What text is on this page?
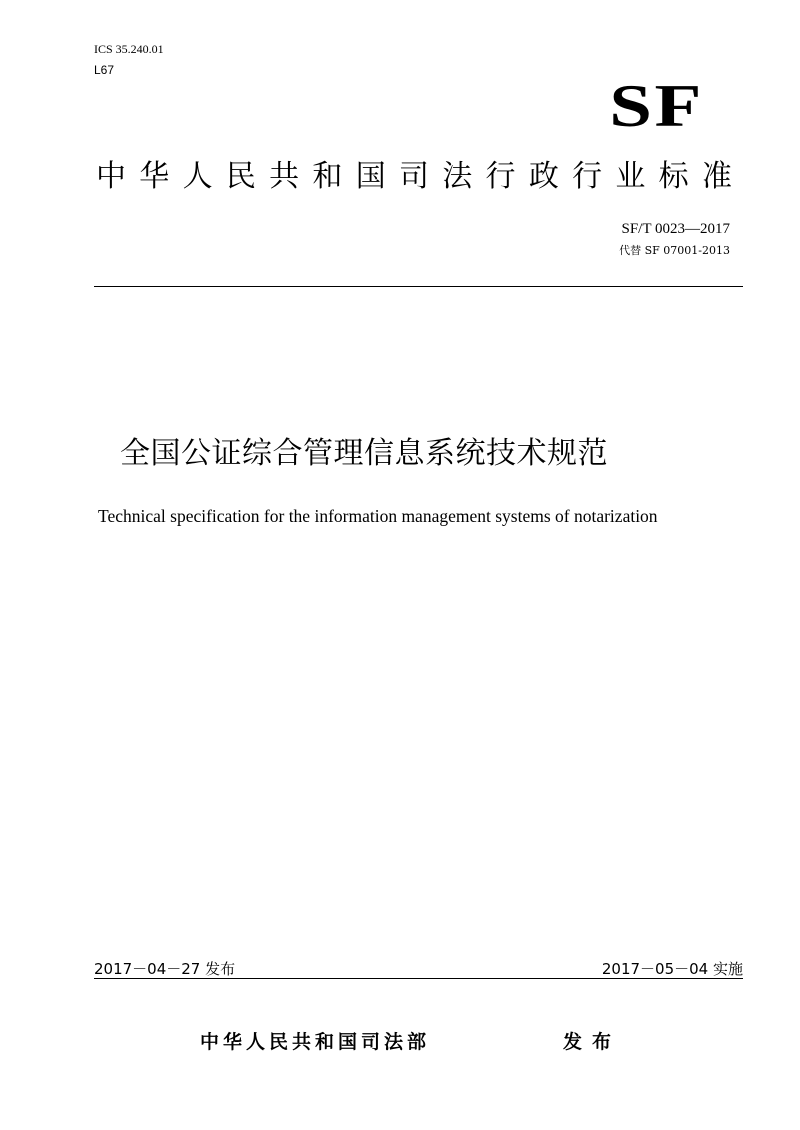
ICS 35.240.01
L67
SF
中 华 人 民 共 和 国 司 法 行 政 行 业 标 准
SF/T 0023—2017
代替 SF 07001-2013
全国公证综合管理信息系统技术规范
Technical specification for the information management systems of notarization
2017－04－27 发布	2017－05－04 实施
中华人民共和国司法部	发布
